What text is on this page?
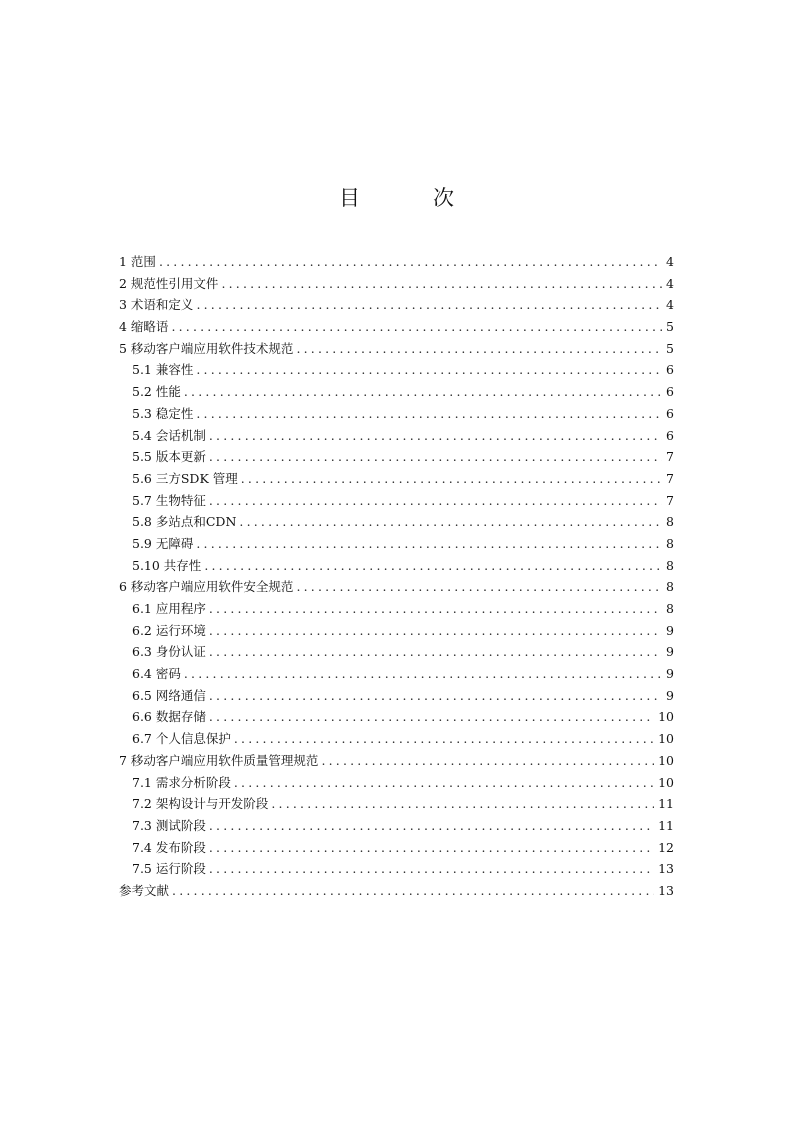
目　次
1 范围 .....	4
2 规范性引用文件 .....	4
3 术语和定义 .....	4
4 缩略语 .....	5
5 移动客户端应用软件技术规范 .....	5
5.1 兼容性 .....	6
5.2 性能 .....	6
5.3 稳定性 .....	6
5.4 会话机制 .....	6
5.5 版本更新 .....	7
5.6 三方SDK 管理 .....	7
5.7 生物特征 .....	7
5.8 多站点和CDN .....	8
5.9 无障碍 .....	8
5.10 共存性 .....	8
6 移动客户端应用软件安全规范 .....	8
6.1 应用程序 .....	8
6.2 运行环境 .....	9
6.3 身份认证 .....	9
6.4 密码 .....	9
6.5 网络通信 .....	9
6.6 数据存储 .....	10
6.7 个人信息保护 .....	10
7 移动客户端应用软件质量管理规范 .....	10
7.1 需求分析阶段 .....	10
7.2 架构设计与开发阶段 .....	11
7.3 测试阶段 .....	11
7.4 发布阶段 .....	12
7.5 运行阶段 .....	13
参考文献 .....	13
